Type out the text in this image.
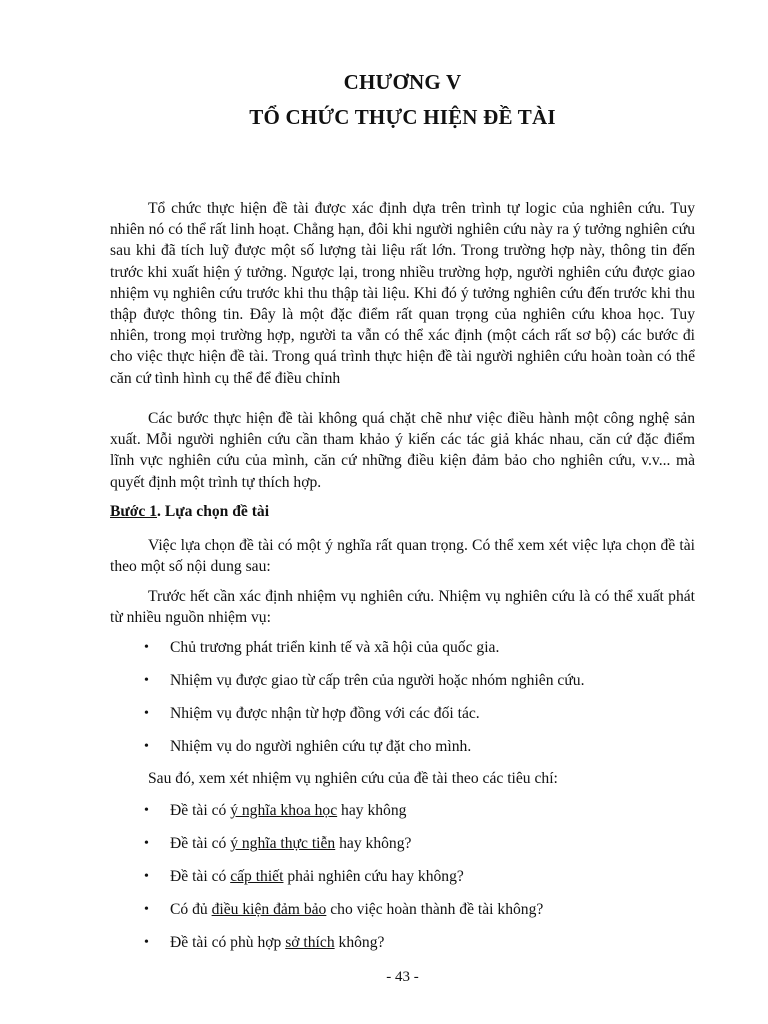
CHƯƠNG V
TỔ CHỨC THỰC HIỆN ĐỀ TÀI

Tổ chức thực hiện đề tài được xác định dựa trên trình tự logic của nghiên cứu. Tuy nhiên nó có thể rất linh hoạt. Chẳng hạn, đôi khi người nghiên cứu này ra ý tưởng nghiên cứu sau khi đã tích luỹ được một số lượng tài liệu rất lớn. Trong trường hợp này, thông tin đến trước khi xuất hiện ý tưởng. Ngược lại, trong nhiều trường hợp, người nghiên cứu được giao nhiệm vụ nghiên cứu trước khi thu thập tài liệu. Khi đó ý tưởng nghiên cứu đến trước khi thu thập được thông tin. Đây là một đặc điểm rất quan trọng của nghiên cứu khoa học. Tuy nhiên, trong mọi trường hợp, người ta vẫn có thể xác định (một cách rất sơ bộ) các bước đi cho việc thực hiện đề tài. Trong quá trình thực hiện đề tài người nghiên cứu hoàn toàn có thể căn cứ tình hình cụ thể để điều chỉnh

Các bước thực hiện đề tài không quá chặt chẽ như việc điều hành một công nghệ sản xuất. Mỗi người nghiên cứu cần tham khảo ý kiến các tác giả khác nhau, căn cứ đặc điểm lĩnh vực nghiên cứu của mình, căn cứ những điều kiện đảm bảo cho nghiên cứu, v.v... mà quyết định một trình tự thích hợp.

Bước 1. Lựa chọn đề tài

Việc lựa chọn đề tài có một ý nghĩa rất quan trọng. Có thể xem xét việc lựa chọn đề tài theo một số nội dung sau:

Trước hết cần xác định nhiệm vụ nghiên cứu. Nhiệm vụ nghiên cứu là có thể xuất phát từ nhiều nguồn nhiệm vụ:

• Chủ trương phát triển kinh tế và xã hội của quốc gia.
• Nhiệm vụ được giao từ cấp trên của người hoặc nhóm nghiên cứu.
• Nhiệm vụ được nhận từ hợp đồng với các đối tác.
• Nhiệm vụ do người nghiên cứu tự đặt cho mình.

Sau đó, xem xét nhiệm vụ nghiên cứu của đề tài theo các tiêu chí:

• Đề tài có ý nghĩa khoa học hay không
• Đề tài có ý nghĩa thực tiễn hay không?
• Đề tài có cấp thiết phải nghiên cứu hay không?
• Có đủ điều kiện đảm bảo cho việc hoàn thành đề tài không?
• Đề tài có phù hợp sở thích không?

- 43 -
